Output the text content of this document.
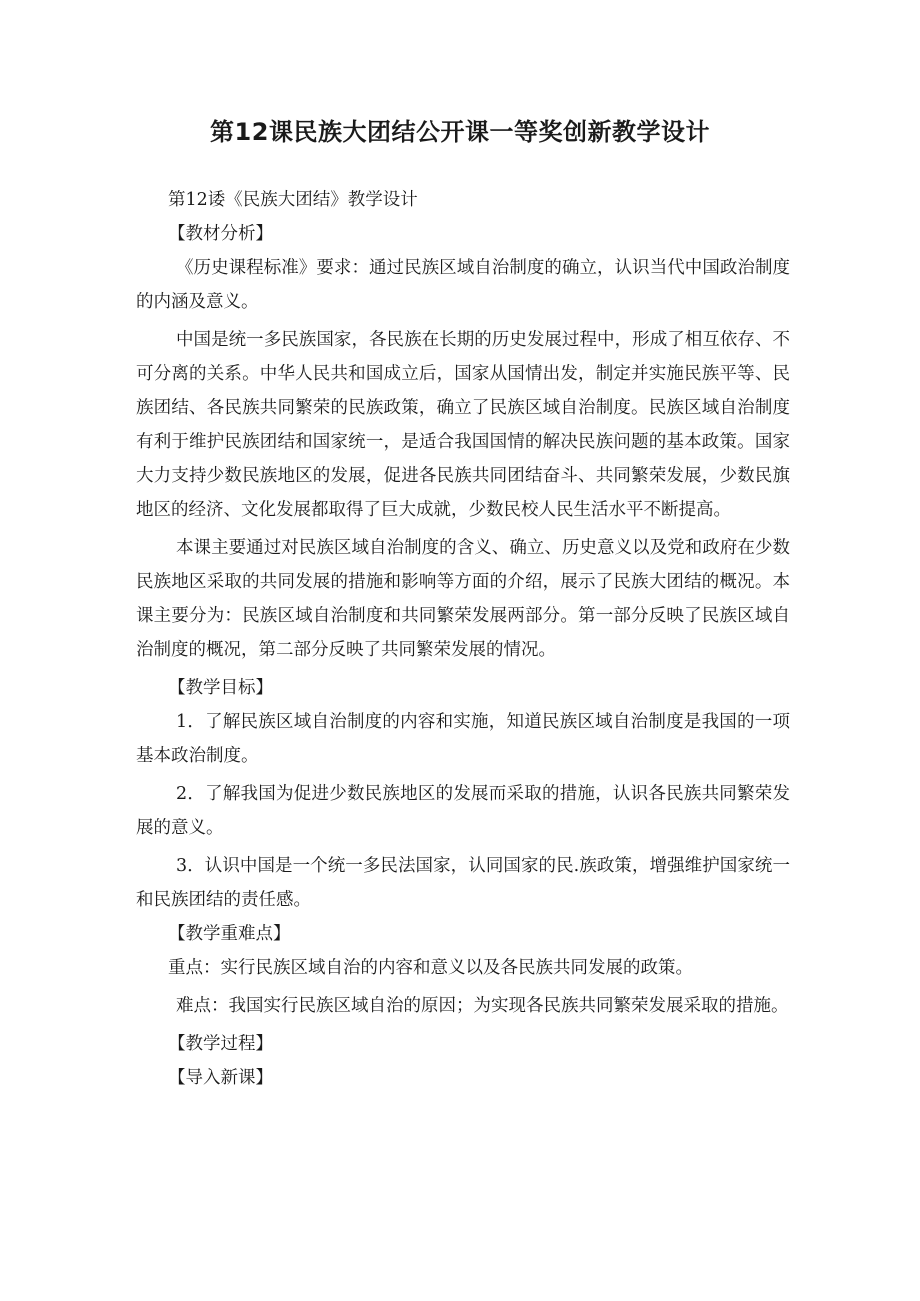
第12课民族大团结公开课一等奖创新教学设计

第12诿《民族大团结》教学设计

【教材分析】

《历史课程标准》要求：通过民族区域自治制度的确立，认识当代中国政治制度的内涵及意义。

中国是统一多民族国家，各民族在长期的历史发展过程中，形成了相互依存、不可分离的关系。中华人民共和国成立后，国家从国情出发，制定并实施民族平等、民族团结、各民族共同繁荣的民族政策，确立了民族区域自治制度。民族区域自治制度有利于维护民族团结和国家统一，是适合我国国情的解决民族问题的基本政策。国家大力支持少数民族地区的发展，促进各民族共同团结奋斗、共同繁荣发展，少数民旗地区的经济、文化发展都取得了巨大成就，少数民校人民生活水平不断提高。

本课主要通过对民族区域自治制度的含义、确立、历史意义以及党和政府在少数民族地区采取的共同发展的措施和影响等方面的介绍，展示了民族大团结的概况。本课主要分为：民族区域自治制度和共同繁荣发展两部分。第一部分反映了民族区域自治制度的概况，第二部分反映了共同繁荣发展的情况。

【教学目标】

1．了解民族区域自治制度的内容和实施，知道民族区域自治制度是我国的一项基本政治制度。

2．了解我国为促进少数民族地区的发展而采取的措施，认识各民族共同繁荣发展的意义。

3．认识中国是一个统一多民法国家，认同国家的民.族政策，增强维护国家统一和民族团结的责任感。

【教学重难点】

重点：实行民族区域自治的内容和意义以及各民族共同发展的政策。

难点：我国实行民族区域自治的原因；为实现各民族共同繁荣发展采取的措施。

【教学过程】

【导入新课】
